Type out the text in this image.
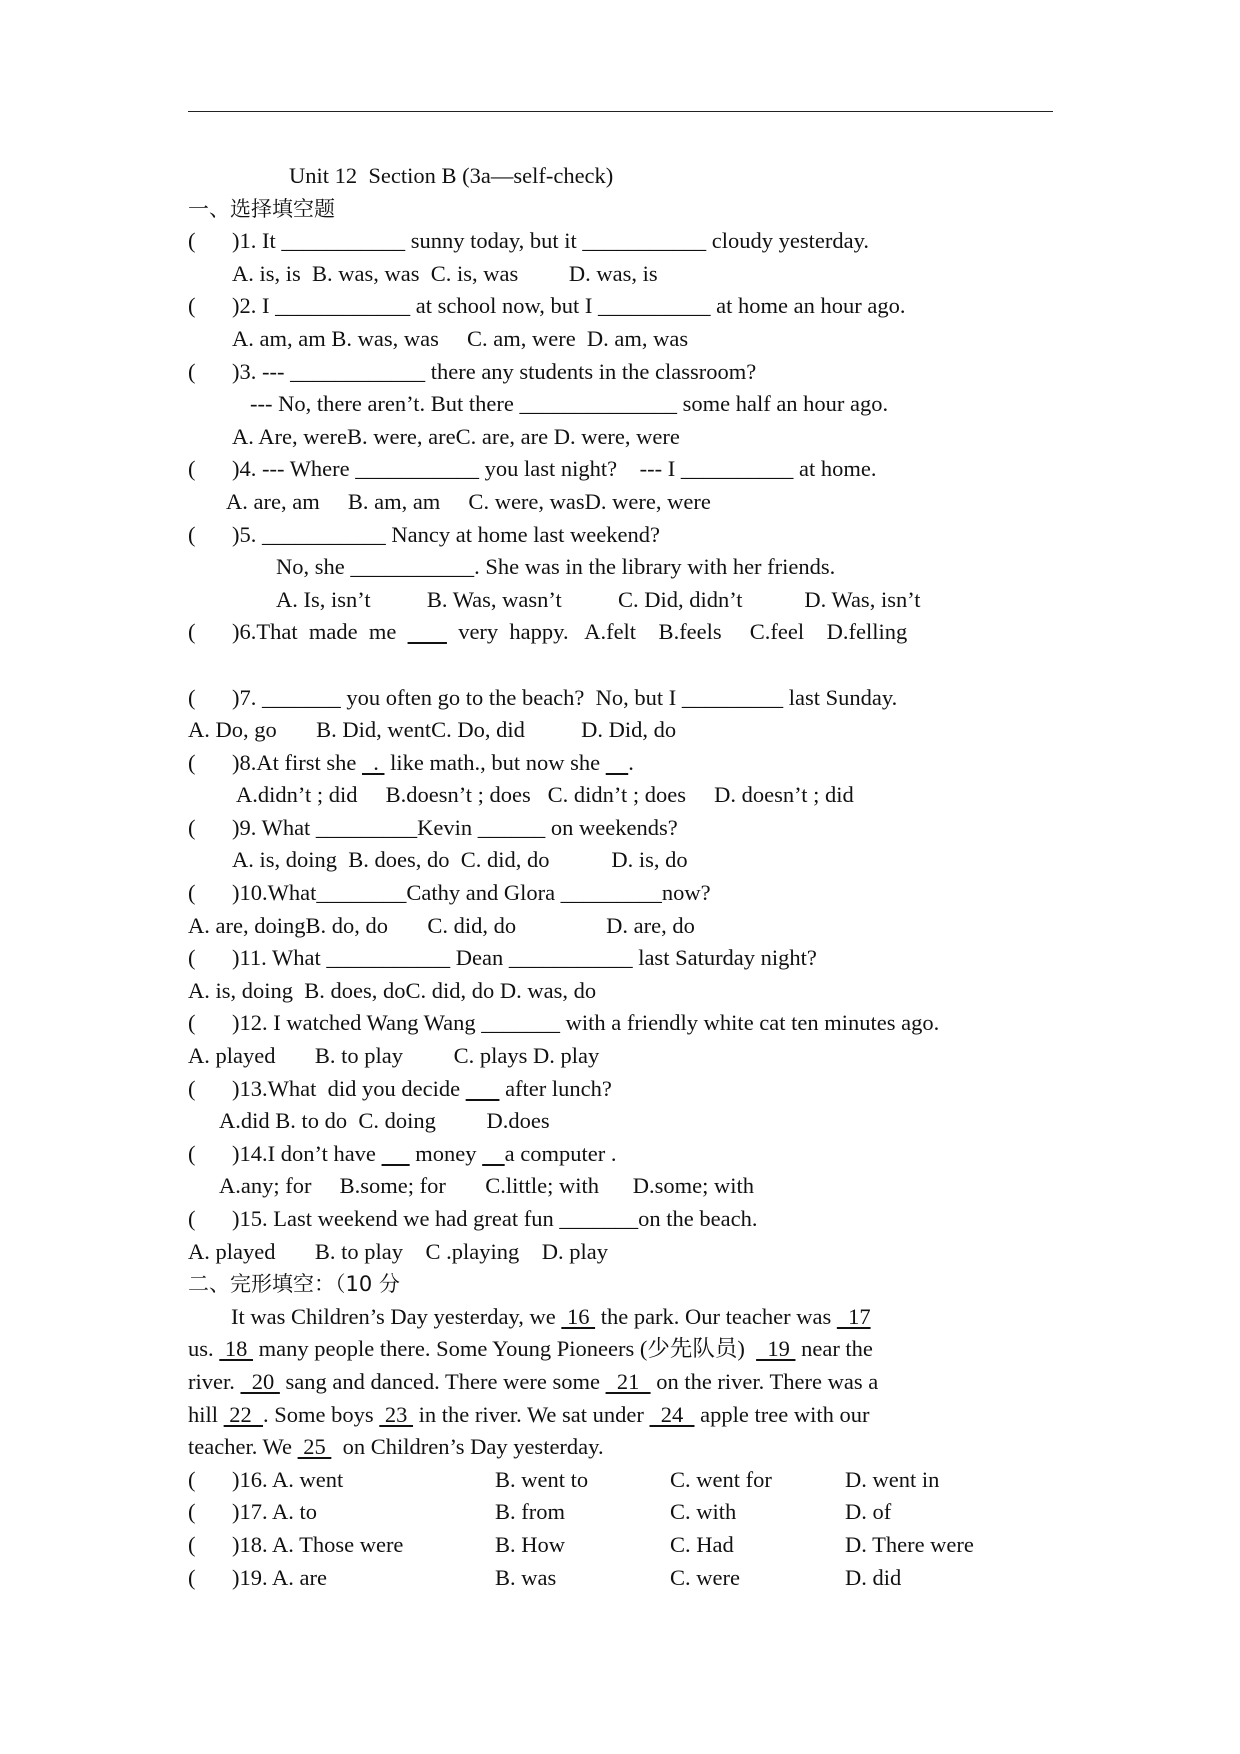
Unit 12  Section B (3a—self-check)
一、选择填空题
( )1. It ___________ sunny today, but it ___________ cloudy yesterday.
A. is, is  B. was, was  C. is, was         D. was, is
( )2. I ____________ at school now, but I __________ at home an hour ago.
A. am, am B. was, was     C. am, were  D. am, was
( )3. --- ____________ there any students in the classroom?
--- No, there aren’t. But there ______________ some half an hour ago.
A. Are, wereB. were, areC. are, are D. were, were
( )4. --- Where ___________ you last night?    --- I __________ at home.
A. are, am     B. am, am     C. were, wasD. were, were
( )5. ___________ Nancy at home last weekend?
No, she ___________. She was in the library with her friends.
A. Is, isn’t          B. Was, wasn’t          C. Did, didn’t           D. Was, isn’t
( )6.That  made  me           very  happy.   A.felt    B.feels     C.feel    D.felling
( )7. _______ you often go to the beach?  No, but I _________ last Sunday.
A. Do, go       B. Did, wentC. Do, did          D. Did, do
( )8.At first she   .  like math., but now she     .
A.didn’t ; did     B.doesn’t ; does   C. didn’t ; does     D. doesn’t ; did
( )9. What _________Kevin ______ on weekends?
A. is, doing  B. does, do  C. did, do           D. is, do
( )10.What________Cathy and Glora _________now?
A. are, doingB. do, do       C. did, do                D. are, do
( )11. What ___________ Dean ___________ last Saturday night?
A. is, doing  B. does, doC. did, do D. was, do
( )12. I watched Wang Wang _______ with a friendly white cat ten minutes ago.
A. played       B. to play         C. plays D. play
( )13.What  did you decide        after lunch?
A.did B. to do  C. doing         D.does
( )14.I don’t have       money     a computer .
A.any; for     B.some; for       C.little; with      D.some; with
( )15. Last weekend we had great fun _______on the beach.
A. played       B. to play    C .playing    D. play
二、完形填空：（10 分
It was Children’s Day yesterday, we  16  the park. Our teacher was   17
us.  18  many people there. Some Young Pioneers (少先队员)    19  near the
river.   20  sang and danced. There were some   21   on the river. There was a
hill  22  . Some boys  23  in the river. We sat under   24   apple tree with our
teacher. We  25   on Children’s Day yesterday.
( )16. A. went	B. went to	C. went for	D. went in
( )17. A. to	B. from	C. with	D. of
( )18. A. Those were	B. How	C. Had	D. There were
( )19. A. are	B. was	C. were	D. did
